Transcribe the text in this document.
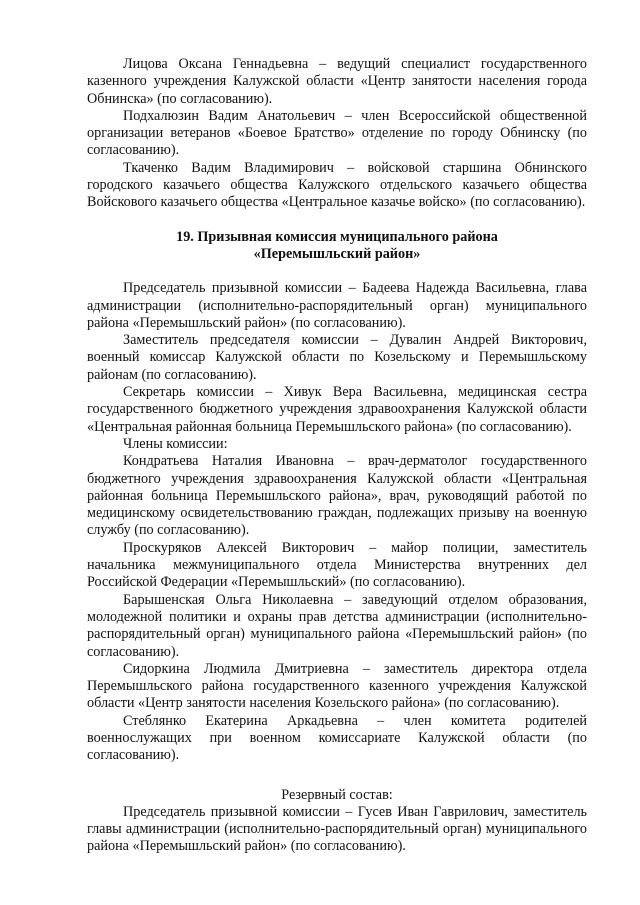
Лицова Оксана Геннадьевна – ведущий специалист государственного казенного учреждения Калужской области «Центр занятости населения города Обнинска» (по согласованию).

Подхалюзин Вадим Анатольевич – член Всероссийской общественной организации ветеранов «Боевое Братство» отделение по городу Обнинску (по согласованию).

Ткаченко Вадим Владимирович – войсковой старшина Обнинского городского казачьего общества Калужского отдельского казачьего общества Войскового казачьего общества «Центральное казачье войско» (по согласованию).

19. Призывная комиссия муниципального района

«Перемышльский район»

Председатель призывной комиссии – Бадеева Надежда Васильевна, глава администрации (исполнительно-распорядительный орган) муниципального района «Перемышльский район» (по согласованию).

Заместитель председателя комиссии – Дувалин Андрей Викторович, военный комиссар Калужской области по Козельскому и Перемышльскому районам (по согласованию).

Секретарь комиссии – Хивук Вера Васильевна, медицинская сестра государственного бюджетного учреждения здравоохранения Калужской области «Центральная районная больница Перемышльского района» (по согласованию).

Члены комиссии:

Кондратьева Наталия Ивановна – врач-дерматолог государственного бюджетного учреждения здравоохранения Калужской области «Центральная районная больница Перемышльского района», врач, руководящий работой по медицинскому освидетельствованию граждан, подлежащих призыву на военную службу (по согласованию).

Проскуряков Алексей Викторович – майор полиции, заместитель начальника межмуниципального отдела Министерства внутренних дел Российской Федерации «Перемышльский» (по согласованию).

Барышенская Ольга Николаевна – заведующий отделом образования, молодежной политики и охраны прав детства администрации (исполнительно-распорядительный орган) муниципального района «Перемышльский район» (по согласованию).

Сидоркина Людмила Дмитриевна – заместитель директора отдела Перемышльского района государственного казенного учреждения Калужской области «Центр занятости населения Козельского района» (по согласованию).

Стеблянко Екатерина Аркадьевна – член комитета родителей военнослужащих при военном комиссариате Калужской области (по согласованию).

Резервный состав:

Председатель призывной комиссии – Гусев Иван Гаврилович, заместитель главы администрации (исполнительно-распорядительный орган) муниципального района «Перемышльский район» (по согласованию).
